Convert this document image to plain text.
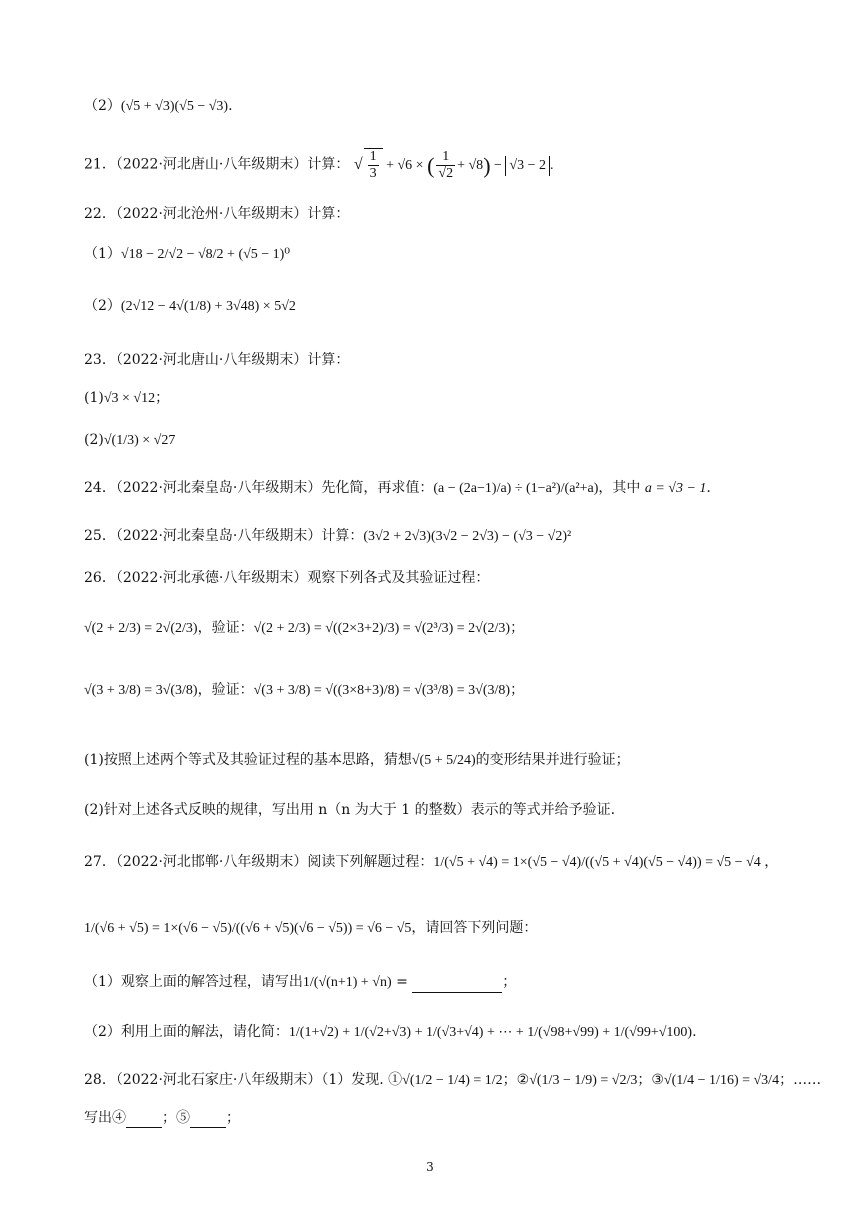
（2）(√5 + √3)(√5 − √3).
21．（2022·河北唐山·八年级期末）计算： √ $\frac{1}{3} + √6$ × ( $\frac{1}{√2} + √8) - √3 - 2$ .
22．（2022·河北沧州·八年级期末）计算：
（1）√18 − 2/√2 − √8/2 + (√5 − 1)⁰
（2）(2√12 − 4√(1/8) + 3√48) × 5√2
23．（2022·河北唐山·八年级期末）计算：
(1)√3 × √12；
(2)√(1/3) × √27
24．（2022·河北秦皇岛·八年级期末）先化简，再求值：(a − (2a−1)/a) ÷ (1−a²)/(a²+a)，其中 a = √3 − 1.
25．（2022·河北秦皇岛·八年级期末）计算：(3√2 + 2√3)(3√2 − 2√3) − (√3 − √2)²
26．（2022·河北承德·八年级期末）观察下列各式及其验证过程：
√(2 + 2/3) = 2√(2/3)，验证：√(2 + 2/3) = √((2×3+2)/3) = √(2³/3) = 2√(2/3)；
√(3 + 3/8) = 3√(3/8)，验证：√(3 + 3/8) = √((3×8+3)/8) = √(3³/8) = 3√(3/8)；
(1)按照上述两个等式及其验证过程的基本思路，猜想√(5 + 5/24)的变形结果并进行验证；
(2)针对上述各式反映的规律，写出用 n（n 为大于 1 的整数）表示的等式并给予验证.
27．（2022·河北邯郸·八年级期末）阅读下列解题过程：1/(√5 + √4) = 1×(√5 − √4)/((√5 + √4)(√5 − √4)) = √5 − √4 ，
1/(√6 + √5) = 1×(√6 − √5)/((√6 + √5)(√6 − √5)) = √6 − √5，请回答下列问题：
（1）观察上面的解答过程，请写出1/(√(n+1) + √n) =	；
（2）利用上面的解法，请化简：1/(1+√2) + 1/(√2+√3) + 1/(√3+√4) + ⋯ + 1/(√98+√99) + 1/(√99+√100).
28．（2022·河北石家庄·八年级期末）（1）发现. ①√(1/2 − 1/4) = 1/2；②√(1/3 − 1/9) = √2/3；③√(1/4 − 1/16) = √3/4；……
写出④	；⑤	；
3
